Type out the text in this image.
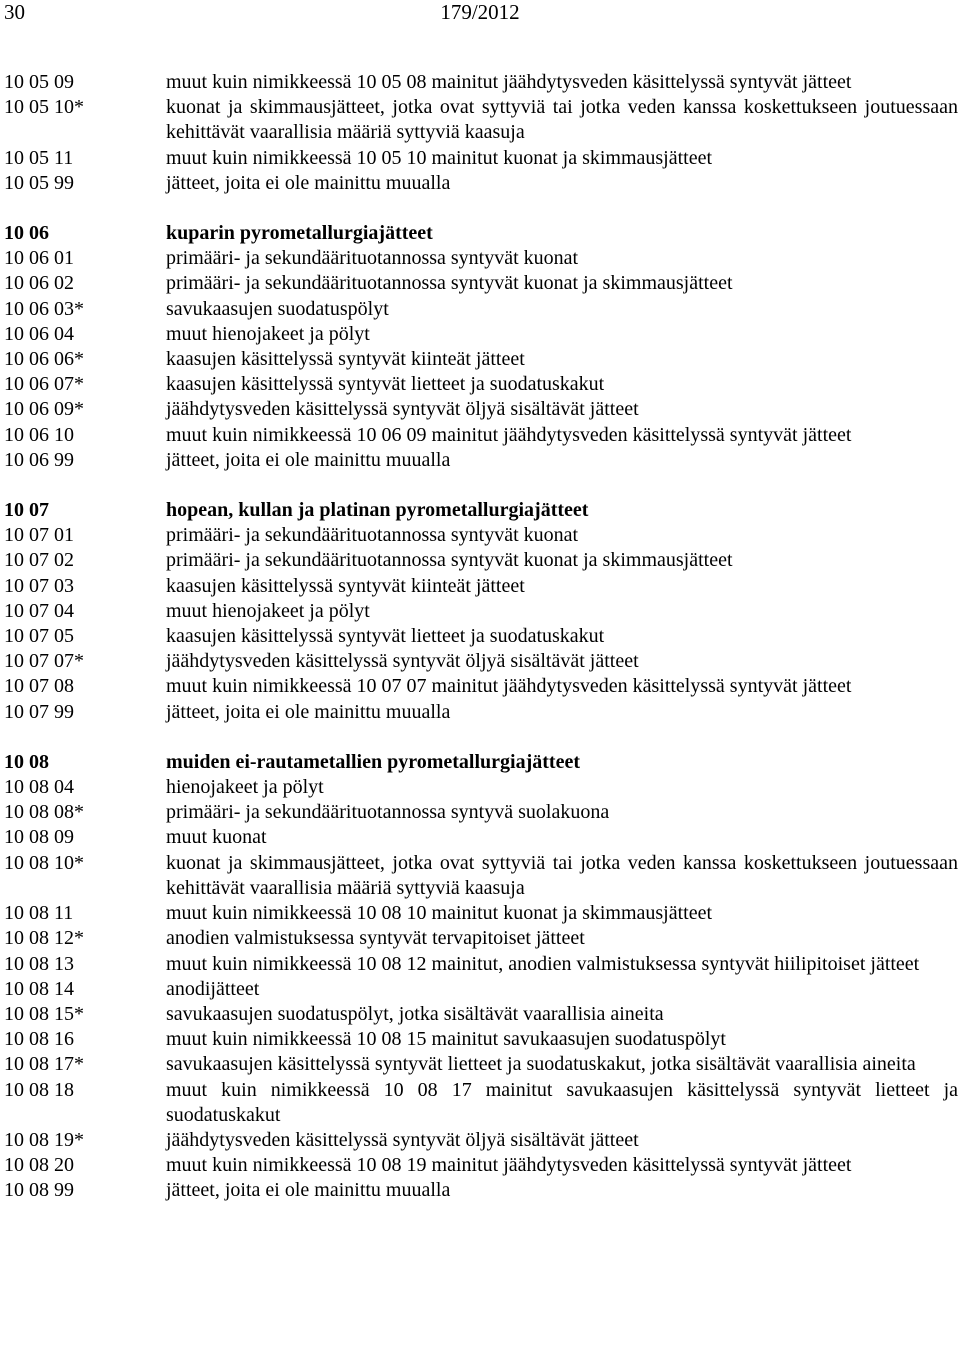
30	179/2012
10 05 09	muut kuin nimikkeessä 10 05 08 mainitut jäähdytysveden käsittelyssä syntyvät jätteet
10 05 10*	kuonat ja skimmausjätteet, jotka ovat syttyviä tai jotka veden kanssa koskettukseen joutuessaan kehittävät vaarallisia määriä syttyviä kaasuja
10 05 11	muut kuin nimikkeessä 10 05 10 mainitut kuonat ja skimmausjätteet
10 05 99	jätteet, joita ei ole mainittu muualla
10 06	kuparin pyrometallurgiajätteet
10 06 01	primääri- ja sekundäärituotannossa syntyvät kuonat
10 06 02	primääri- ja sekundäärituotannossa syntyvät kuonat ja skimmausjätteet
10 06 03*	savukaasujen suodatuspölyt
10 06 04	muut hienojakeet ja pölyt
10 06 06*	kaasujen käsittelyssä syntyvät kiinteät jätteet
10 06 07*	kaasujen käsittelyssä syntyvät lietteet ja suodatuskakut
10 06 09*	jäähdytysveden käsittelyssä syntyvät öljyä sisältävät jätteet
10 06 10	muut kuin nimikkeessä 10 06 09 mainitut jäähdytysveden käsittelyssä syntyvät jätteet
10 06 99	jätteet, joita ei ole mainittu muualla
10 07	hopean, kullan ja platinan pyrometallurgiajätteet
10 07 01	primääri- ja sekundäärituotannossa syntyvät kuonat
10 07 02	primääri- ja sekundäärituotannossa syntyvät kuonat ja skimmausjätteet
10 07 03	kaasujen käsittelyssä syntyvät kiinteät jätteet
10 07 04	muut hienojakeet ja pölyt
10 07 05	kaasujen käsittelyssä syntyvät lietteet ja suodatuskakut
10 07 07*	jäähdytysveden käsittelyssä syntyvät öljyä sisältävät jätteet
10 07 08	muut kuin nimikkeessä 10 07 07 mainitut jäähdytysveden käsittelyssä syntyvät jätteet
10 07 99	jätteet, joita ei ole mainittu muualla
10 08	muiden ei-rautametallien pyrometallurgiajätteet
10 08 04	hienojakeet ja pölyt
10 08 08*	primääri- ja sekundäärituotannossa syntyvä suolakuona
10 08 09	muut kuonat
10 08 10*	kuonat ja skimmausjätteet, jotka ovat syttyviä tai jotka veden kanssa koskettukseen joutuessaan kehittävät vaarallisia määriä syttyviä kaasuja
10 08 11	muut kuin nimikkeessä 10 08 10 mainitut kuonat ja skimmausjätteet
10 08 12*	anodien valmistuksessa syntyvät tervapitoiset jätteet
10 08 13	muut kuin nimikkeessä 10 08 12 mainitut, anodien valmistuksessa syntyvät hiilipitoiset jätteet
10 08 14	anodijätteet
10 08 15*	savukaasujen suodatuspölyt, jotka sisältävät vaarallisia aineita
10 08 16	muut kuin nimikkeessä 10 08 15 mainitut savukaasujen suodatuspölyt
10 08 17*	savukaasujen käsittelyssä syntyvät lietteet ja suodatuskakut, jotka sisältävät vaarallisia aineita
10 08 18	muut kuin nimikkeessä 10 08 17 mainitut savukaasujen käsittelyssä syntyvät lietteet ja suodatuskakut
10 08 19*	jäähdytysveden käsittelyssä syntyvät öljyä sisältävät jätteet
10 08 20	muut kuin nimikkeessä 10 08 19 mainitut jäähdytysveden käsittelyssä syntyvät jätteet
10 08 99	jätteet, joita ei ole mainittu muualla
